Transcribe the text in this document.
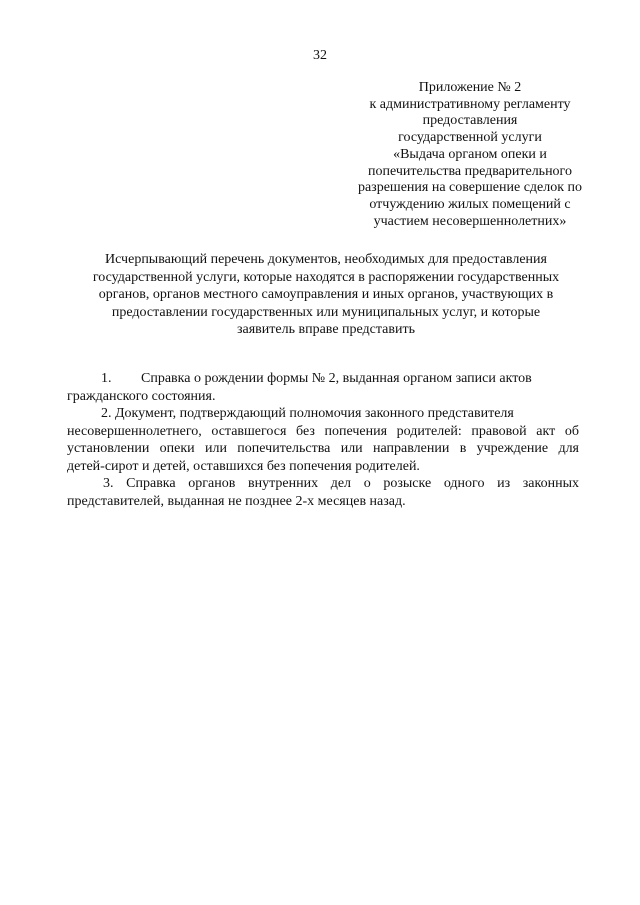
32
Приложение № 2
к административному регламенту
предоставления
государственной услуги
«Выдача органом опеки и
попечительства предварительного
разрешения на совершение сделок по
отчуждению жилых помещений с
участием несовершеннолетних»
Исчерпывающий перечень документов, необходимых для предоставления
государственной услуги, которые находятся в распоряжении государственных
органов, органов местного самоуправления и иных органов, участвующих в
предоставлении государственных или муниципальных услуг, и которые
заявитель вправе представить
1. Справка о рождении формы № 2, выданная органом записи актов
гражданского состояния.
2. Документ, подтверждающий полномочия законного представителя
несовершеннолетнего, оставшегося без попечения родителей: правовой акт об
установлении опеки или попечительства или направлении в учреждение для
детей-сирот и детей, оставшихся без попечения родителей.
3. Справка органов внутренних дел о розыске одного из законных
представителей, выданная не позднее 2-х месяцев назад.
